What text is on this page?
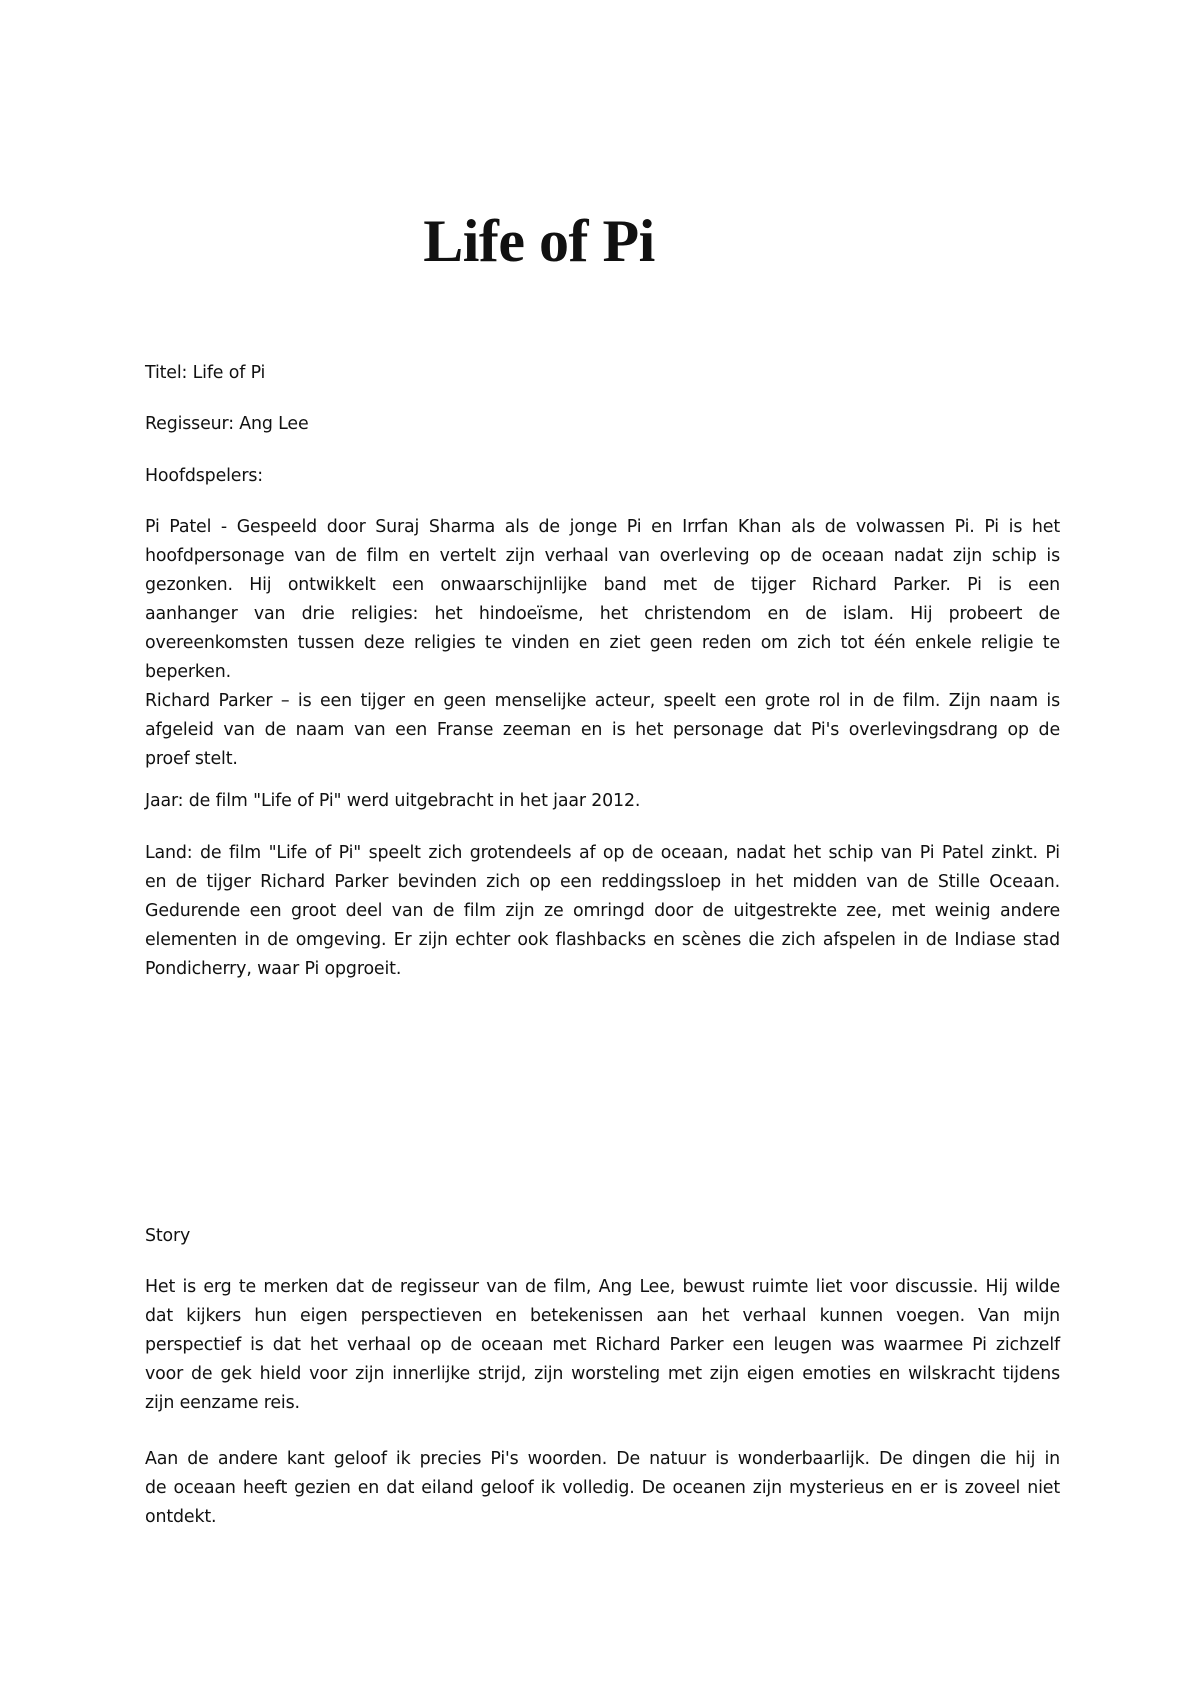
Life of Pi

Titel: Life of Pi

Regisseur: Ang Lee

Hoofdspelers:

Pi Patel - Gespeeld door Suraj Sharma als de jonge Pi en Irrfan Khan als de volwassen Pi. Pi is het
hoofdpersonage van de film en vertelt zijn verhaal van overleving op de oceaan nadat zijn schip is
gezonken. Hij ontwikkelt een onwaarschijnlijke band met de tijger Richard Parker. Pi is een
aanhanger van drie religies: het hindoeïsme, het christendom en de islam. Hij probeert de
overeenkomsten tussen deze religies te vinden en ziet geen reden om zich tot één enkele religie te
beperken.

Richard Parker – is een tijger en geen menselijke acteur, speelt een grote rol in de film. Zijn naam is
afgeleid van de naam van een Franse zeeman en is het personage dat Pi's overlevingsdrang op de
proef stelt.

Jaar: de film "Life of Pi" werd uitgebracht in het jaar 2012.

Land: de film "Life of Pi" speelt zich grotendeels af op de oceaan, nadat het schip van Pi Patel zinkt. Pi
en de tijger Richard Parker bevinden zich op een reddingssloep in het midden van de Stille Oceaan.
Gedurende een groot deel van de film zijn ze omringd door de uitgestrekte zee, met weinig andere
elementen in de omgeving. Er zijn echter ook flashbacks en scènes die zich afspelen in de Indiase stad
Pondicherry, waar Pi opgroeit.

Story

Het is erg te merken dat de regisseur van de film, Ang Lee, bewust ruimte liet voor discussie. Hij wilde
dat kijkers hun eigen perspectieven en betekenissen aan het verhaal kunnen voegen. Van mijn
perspectief is dat het verhaal op de oceaan met Richard Parker een leugen was waarmee Pi zichzelf
voor de gek hield voor zijn innerlijke strijd, zijn worsteling met zijn eigen emoties en wilskracht tijdens
zijn eenzame reis.

Aan de andere kant geloof ik precies Pi's woorden. De natuur is wonderbaarlijk. De dingen die hij in
de oceaan heeft gezien en dat eiland geloof ik volledig. De oceanen zijn mysterieus en er is zoveel niet
ontdekt.
